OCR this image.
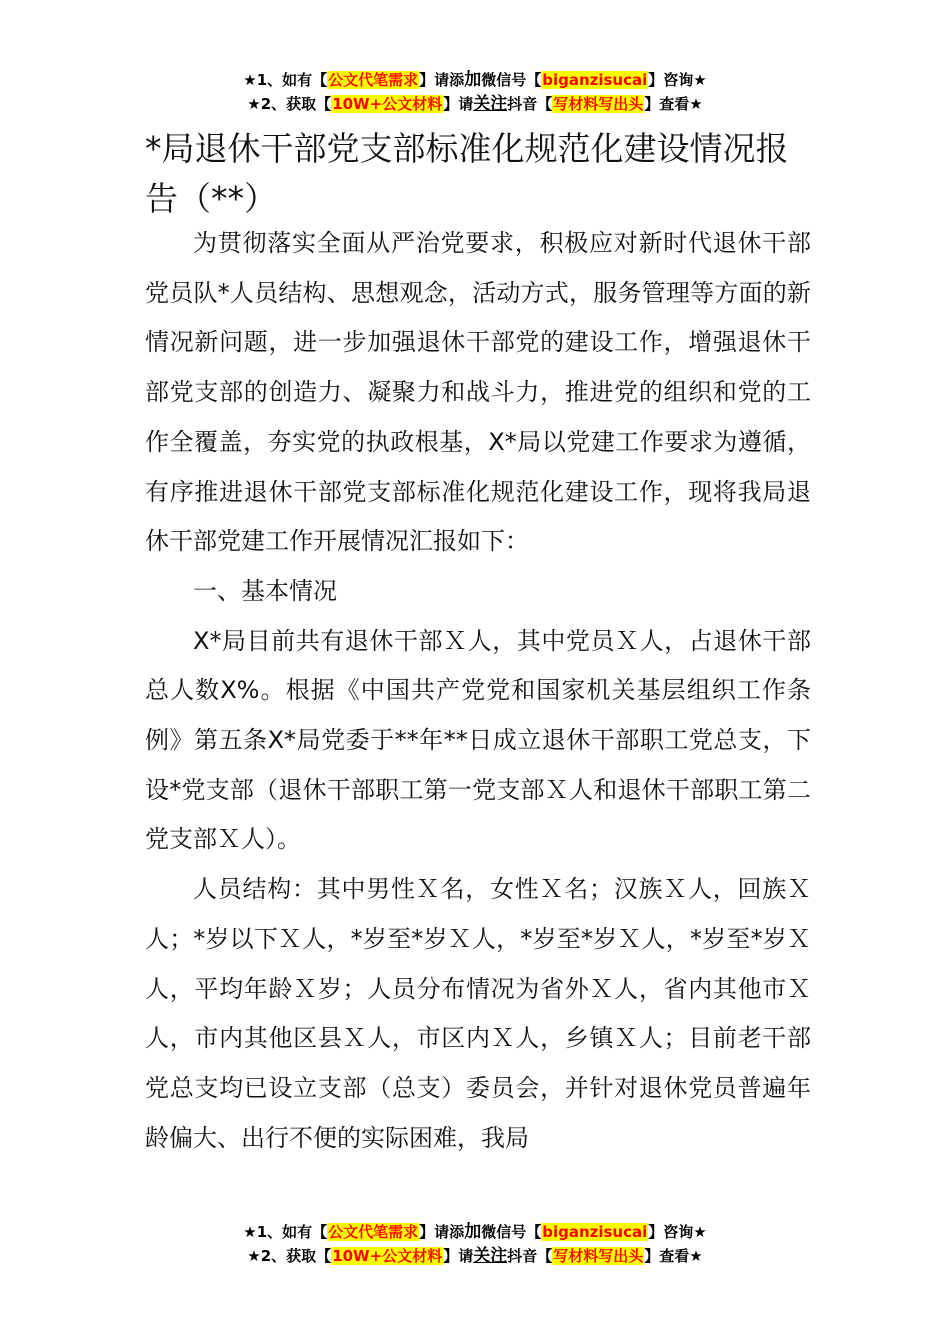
★1、如有【公文代笔需求】请添加微信号【biganzisucai】咨询★
★2、获取【10W+公文材料】请关注抖音【写材料写出头】查看★
*局退休干部党支部标准化规范化建设情况报告（**）

为贯彻落实全面从严治党要求，积极应对新时代退休干部党员队*人员结构、思想观念，活动方式，服务管理等方面的新情况新问题，进一步加强退休干部党的建设工作，增强退休干部党支部的创造力、凝聚力和战斗力，推进党的组织和党的工作全覆盖，夯实党的执政根基，X*局以党建工作要求为遵循，有序推进退休干部党支部标准化规范化建设工作，现将我局退休干部党建工作开展情况汇报如下：

一、基本情况

X*局目前共有退休干部Ｘ人，其中党员Ｘ人，占退休干部总人数X%。根据《中国共产党党和国家机关基层组织工作条例》第五条X*局党委于**年**日成立退休干部职工党总支，下设*党支部（退休干部职工第一党支部Ｘ人和退休干部职工第二党支部Ｘ人）。

人员结构：其中男性Ｘ名，女性Ｘ名；汉族Ｘ人，回族Ｘ人；*岁以下Ｘ人，*岁至*岁Ｘ人，*岁至*岁Ｘ人，*岁至*岁Ｘ人，平均年龄Ｘ岁；人员分布情况为省外Ｘ人，省内其他市Ｘ人，市内其他区县Ｘ人，市区内Ｘ人，乡镇Ｘ人；目前老干部党总支均已设立支部（总支）委员会，并针对退休党员普遍年龄偏大、出行不便的实际困难，我局

★1、如有【公文代笔需求】请添加微信号【biganzisucai】咨询★
★2、获取【10W+公文材料】请关注抖音【写材料写出头】查看★
